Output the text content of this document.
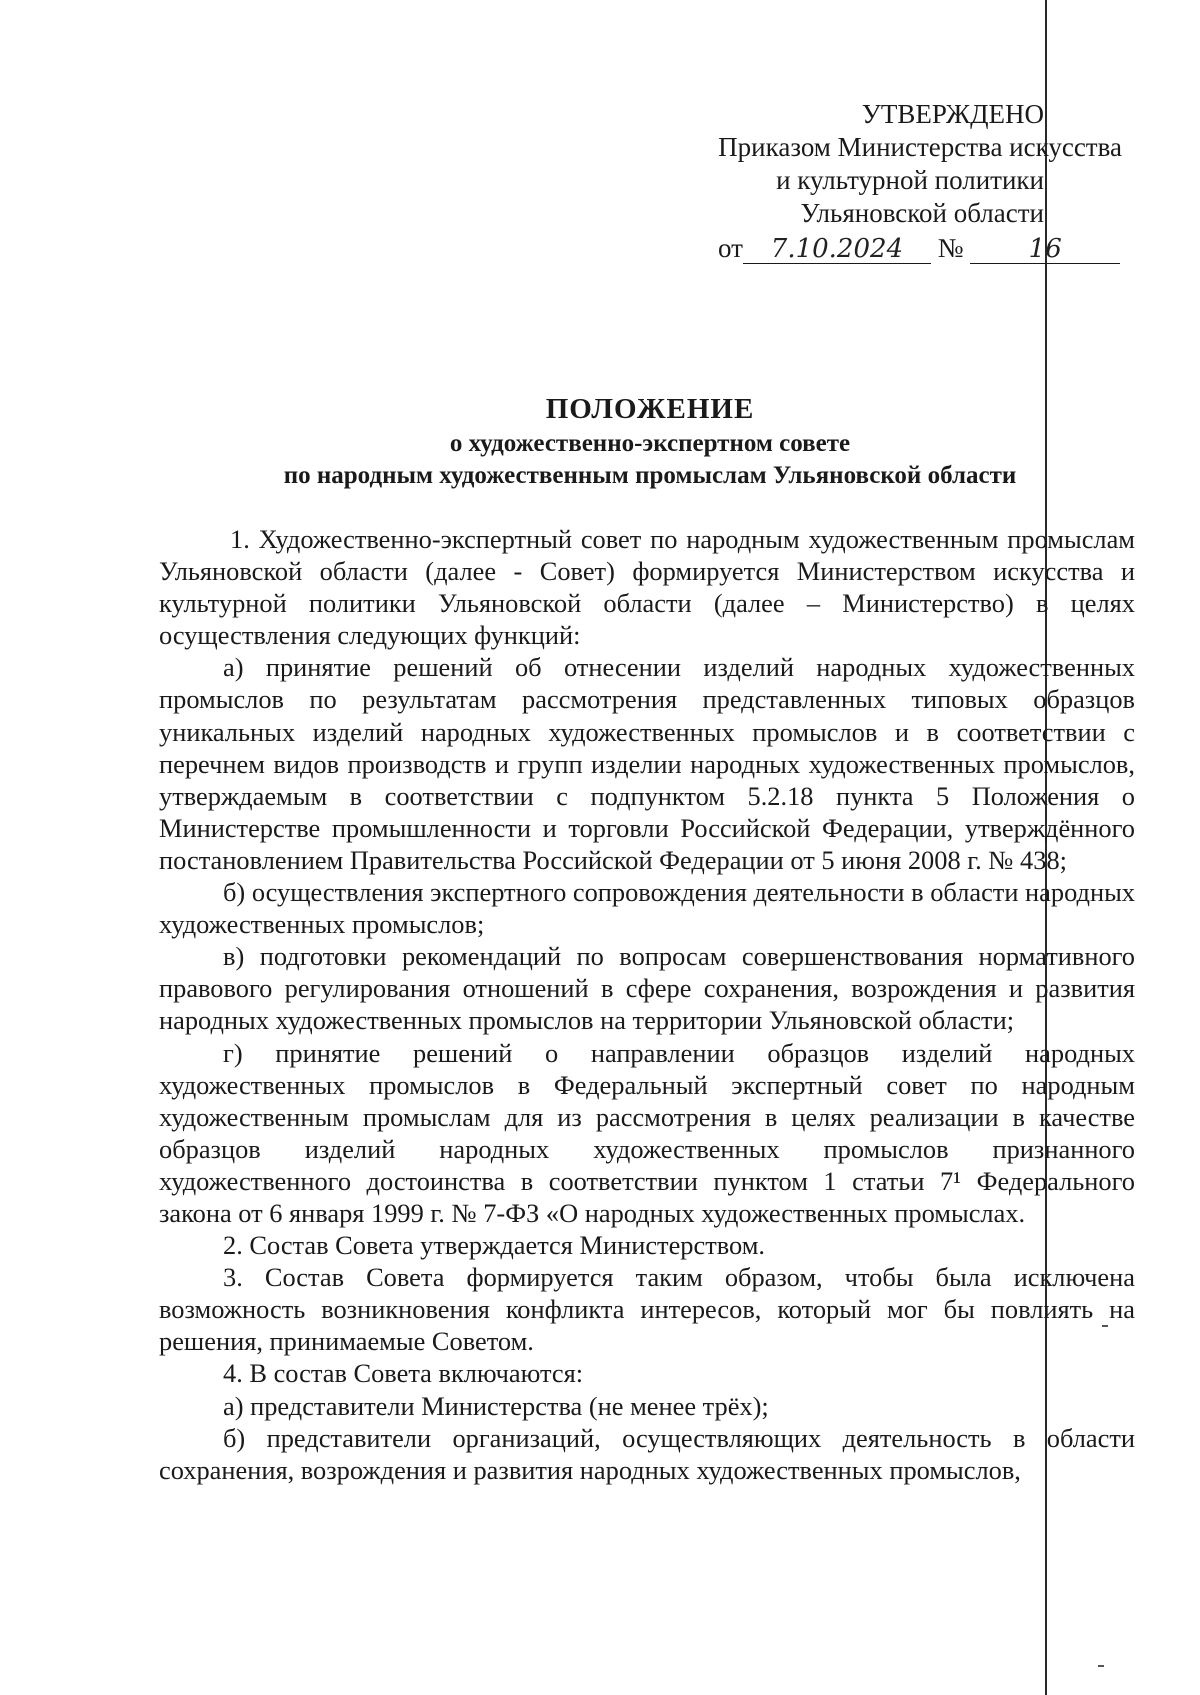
УТВЕРЖДЕНО
Приказом Министерства искусства
и культурной политики
Ульяновской области
от 7.10.2024 №	16
ПОЛОЖЕНИЕ
о художественно-экспертном совете
по народным художественным промыслам Ульяновской области

1. Художественно-экспертный совет по народным художественным промыслам Ульяновской области (далее - Совет) формируется Министерством искусства и культурной политики Ульяновской области (далее – Министерство) в целях осуществления следующих функций:

а) принятие решений об отнесении изделий народных художественных промыслов по результатам рассмотрения представленных типовых образцов уникальных изделий народных художественных промыслов и в соответствии с перечнем видов производств и групп изделии народных художественных промыслов, утверждаемым в соответствии с подпунктом 5.2.18 пункта 5 Положения о Министерстве промышленности и торговли Российской Федерации, утверждённого постановлением Правительства Российской Федерации от 5 июня 2008 г. № 438;

б) осуществления экспертного сопровождения деятельности в области народных художественных промыслов;

в) подготовки рекомендаций по вопросам совершенствования нормативного правового регулирования отношений в сфере сохранения, возрождения и развития народных художественных промыслов на территории Ульяновской области;

г) принятие решений о направлении образцов изделий народных художественных промыслов в Федеральный экспертный совет по народным художественным промыслам для из рассмотрения в целях реализации в качестве образцов изделий народных художественных промыслов признанного художественного достоинства в соответствии пунктом 1 статьи 7¹ Федерального закона от 6 января 1999 г. № 7-ФЗ «О народных художественных промыслах.

2. Состав Совета утверждается Министерством.

3. Состав Совета формируется таким образом, чтобы была исключена возможность возникновения конфликта интересов, который мог бы повлиять на решения, принимаемые Советом.

4. В состав Совета включаются:

а) представители Министерства (не менее трёх);

б) представители организаций, осуществляющих деятельность в области сохранения, возрождения и развития народных художественных промыслов,
